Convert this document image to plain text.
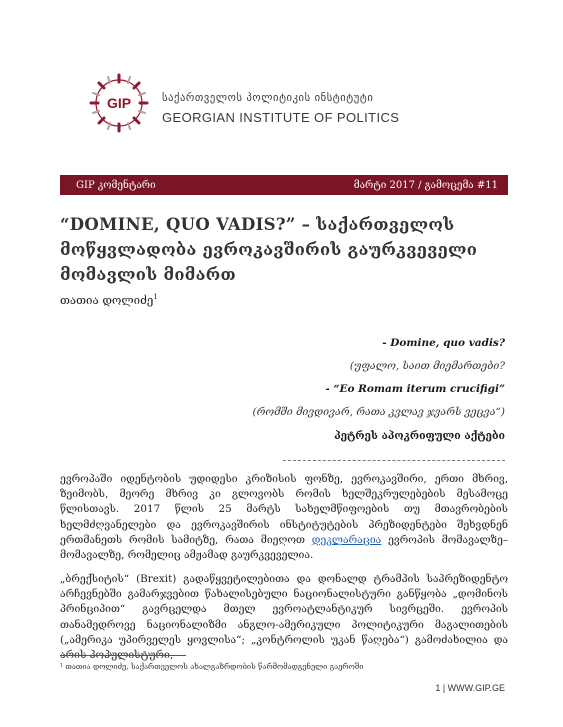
GIP	საქართველოს პოლიტიკის ინსტიტუტი
GEORGIAN INSTITUTE OF POLITICS
GIP კომენტარი	მარტი 2017 / გამოცემა #11
“DOMINE, QUO VADIS?” – საქართველოს მოწყვლადობა ევროკავშირის გაურკვეველი მომავლის მიმართ
თათია დოლიძე$^1$
- Domine, quo vadis?
(უფალო, საით მიემართები?
- “Eo Romam iterum crucifigi”
(რომში მივდივარ, რათა კვლავ ჯვარს ვეცვა“)
პეტრეს აპოკრიფული აქტები

ევროპაში იდენტობის უდიდესი კრიზისის ფონზე, ევროკავშირი, ერთი მხრივ, ზეიმობს, მეორე მხრივ კი გლოვობს რომის ხელშეკრულებების მესამოცე წლისთავს. 2017 წლის 25 მარტს სახელმწიფოების თუ მთავრობების ხელმძღვანელები და ევროკავშირის ინსტიტუტების პრეზიდენტები შეხვდნენ ერთმანეთს რომის სამიტზე, რათა მიეღოთ დეკლარაცია ევროპის მომავალზე– მომავალზე, რომელიც ამჟამად გაურკვეველია.

„ბრექსიტის“ (Brexit) გადაწყვეტილებითა და დონალდ ტრამპის საპრეზიდენტო არჩევნებში გამარჯვებით წახალისებული ნაციონალისტური განწყობა „დომინოს პრინციპით“ გავრცელდა მთელ ევროატლანტიკურ სივრცეში. ევროპის თანამედროვე ნაციონალიზმი ანგლო-ამერიკული პოლიტიკური მაგალითების („ამერიკა უპირველეს ყოვლისა“; „კონტროლის უკან წაღება“) გამოძახილია და არის პოპულისტური,

¹ თათია დოლიძე, საქართველოს ახალგაზრდობის წარმომადგენელი გაეროში
1 | WWW.GIP.GE
